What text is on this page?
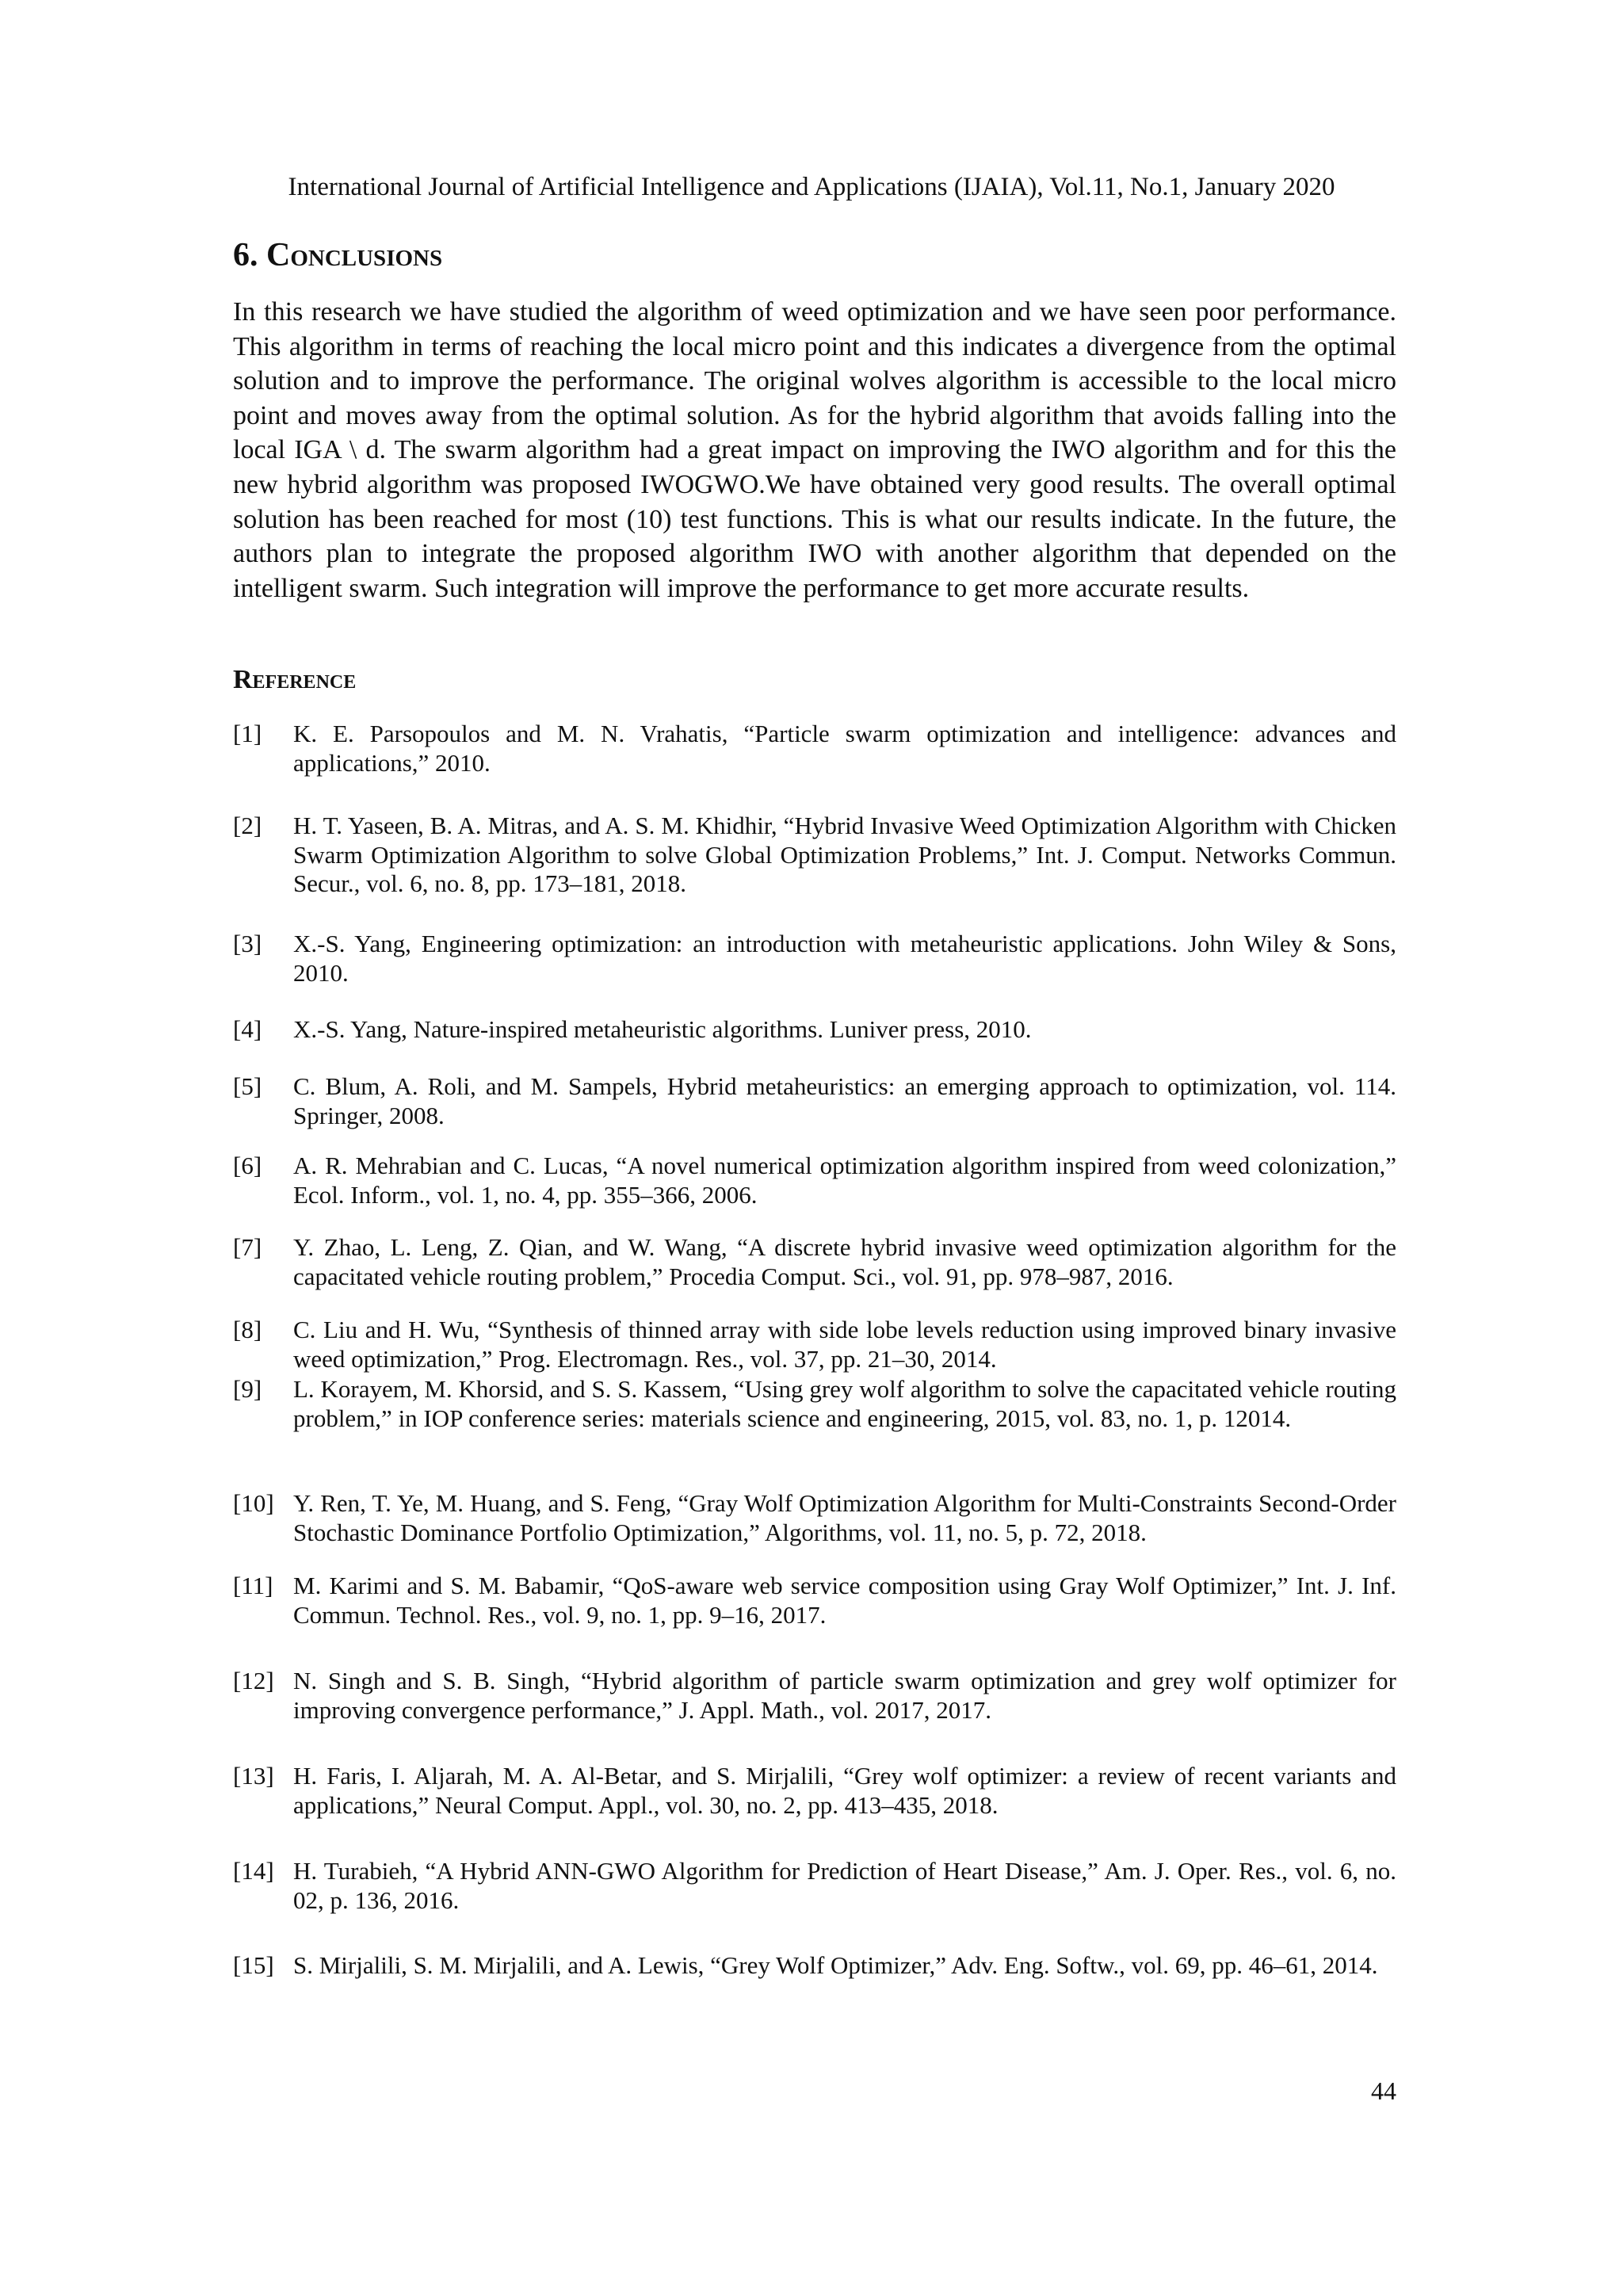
International Journal of Artificial Intelligence and Applications (IJAIA), Vol.11, No.1, January 2020
6. Conclusions

In this research we have studied the algorithm of weed optimization and we have seen poor performance. This algorithm in terms of reaching the local micro point and this indicates a divergence from the optimal solution and to improve the performance. The original wolves algorithm is accessible to the local micro point and moves away from the optimal solution. As for the hybrid algorithm that avoids falling into the local IGA \ d. The swarm algorithm had a great impact on improving the IWO algorithm and for this the new hybrid algorithm was proposed IWOGWO.We have obtained very good results. The overall optimal solution has been reached for most (10) test functions. This is what our results indicate. In the future, the authors plan to integrate the proposed algorithm IWO with another algorithm that depended on the intelligent swarm. Such integration will improve the performance to get more accurate results.

Reference
[1] K. E. Parsopoulos and M. N. Vrahatis, “Particle swarm optimization and intelligence: advances and applications,” 2010.
[2] H. T. Yaseen, B. A. Mitras, and A. S. M. Khidhir, “Hybrid Invasive Weed Optimization Algorithm with Chicken Swarm Optimization Algorithm to solve Global Optimization Problems,” Int. J. Comput. Networks Commun. Secur., vol. 6, no. 8, pp. 173–181, 2018.
[3] X.-S. Yang, Engineering optimization: an introduction with metaheuristic applications. John Wiley & Sons, 2010.
[4] X.-S. Yang, Nature-inspired metaheuristic algorithms. Luniver press, 2010.
[5] C. Blum, A. Roli, and M. Sampels, Hybrid metaheuristics: an emerging approach to optimization, vol. 114. Springer, 2008.
[6] A. R. Mehrabian and C. Lucas, “A novel numerical optimization algorithm inspired from weed colonization,” Ecol. Inform., vol. 1, no. 4, pp. 355–366, 2006.
[7] Y. Zhao, L. Leng, Z. Qian, and W. Wang, “A discrete hybrid invasive weed optimization algorithm for the capacitated vehicle routing problem,” Procedia Comput. Sci., vol. 91, pp. 978–987, 2016.
[8] C. Liu and H. Wu, “Synthesis of thinned array with side lobe levels reduction using improved binary invasive weed optimization,” Prog. Electromagn. Res., vol. 37, pp. 21–30, 2014.
[9] L. Korayem, M. Khorsid, and S. S. Kassem, “Using grey wolf algorithm to solve the capacitated vehicle routing problem,” in IOP conference series: materials science and engineering, 2015, vol. 83, no. 1, p. 12014.
[10] Y. Ren, T. Ye, M. Huang, and S. Feng, “Gray Wolf Optimization Algorithm for Multi-Constraints Second-Order Stochastic Dominance Portfolio Optimization,” Algorithms, vol. 11, no. 5, p. 72, 2018.
[11] M. Karimi and S. M. Babamir, “QoS-aware web service composition using Gray Wolf Optimizer,” Int. J. Inf. Commun. Technol. Res., vol. 9, no. 1, pp. 9–16, 2017.
[12] N. Singh and S. B. Singh, “Hybrid algorithm of particle swarm optimization and grey wolf optimizer for improving convergence performance,” J. Appl. Math., vol. 2017, 2017.
[13] H. Faris, I. Aljarah, M. A. Al-Betar, and S. Mirjalili, “Grey wolf optimizer: a review of recent variants and applications,” Neural Comput. Appl., vol. 30, no. 2, pp. 413–435, 2018.
[14] H. Turabieh, “A Hybrid ANN-GWO Algorithm for Prediction of Heart Disease,” Am. J. Oper. Res., vol. 6, no. 02, p. 136, 2016.
[15] S. Mirjalili, S. M. Mirjalili, and A. Lewis, “Grey Wolf Optimizer,” Adv. Eng. Softw., vol. 69, pp. 46–61, 2014.
44
